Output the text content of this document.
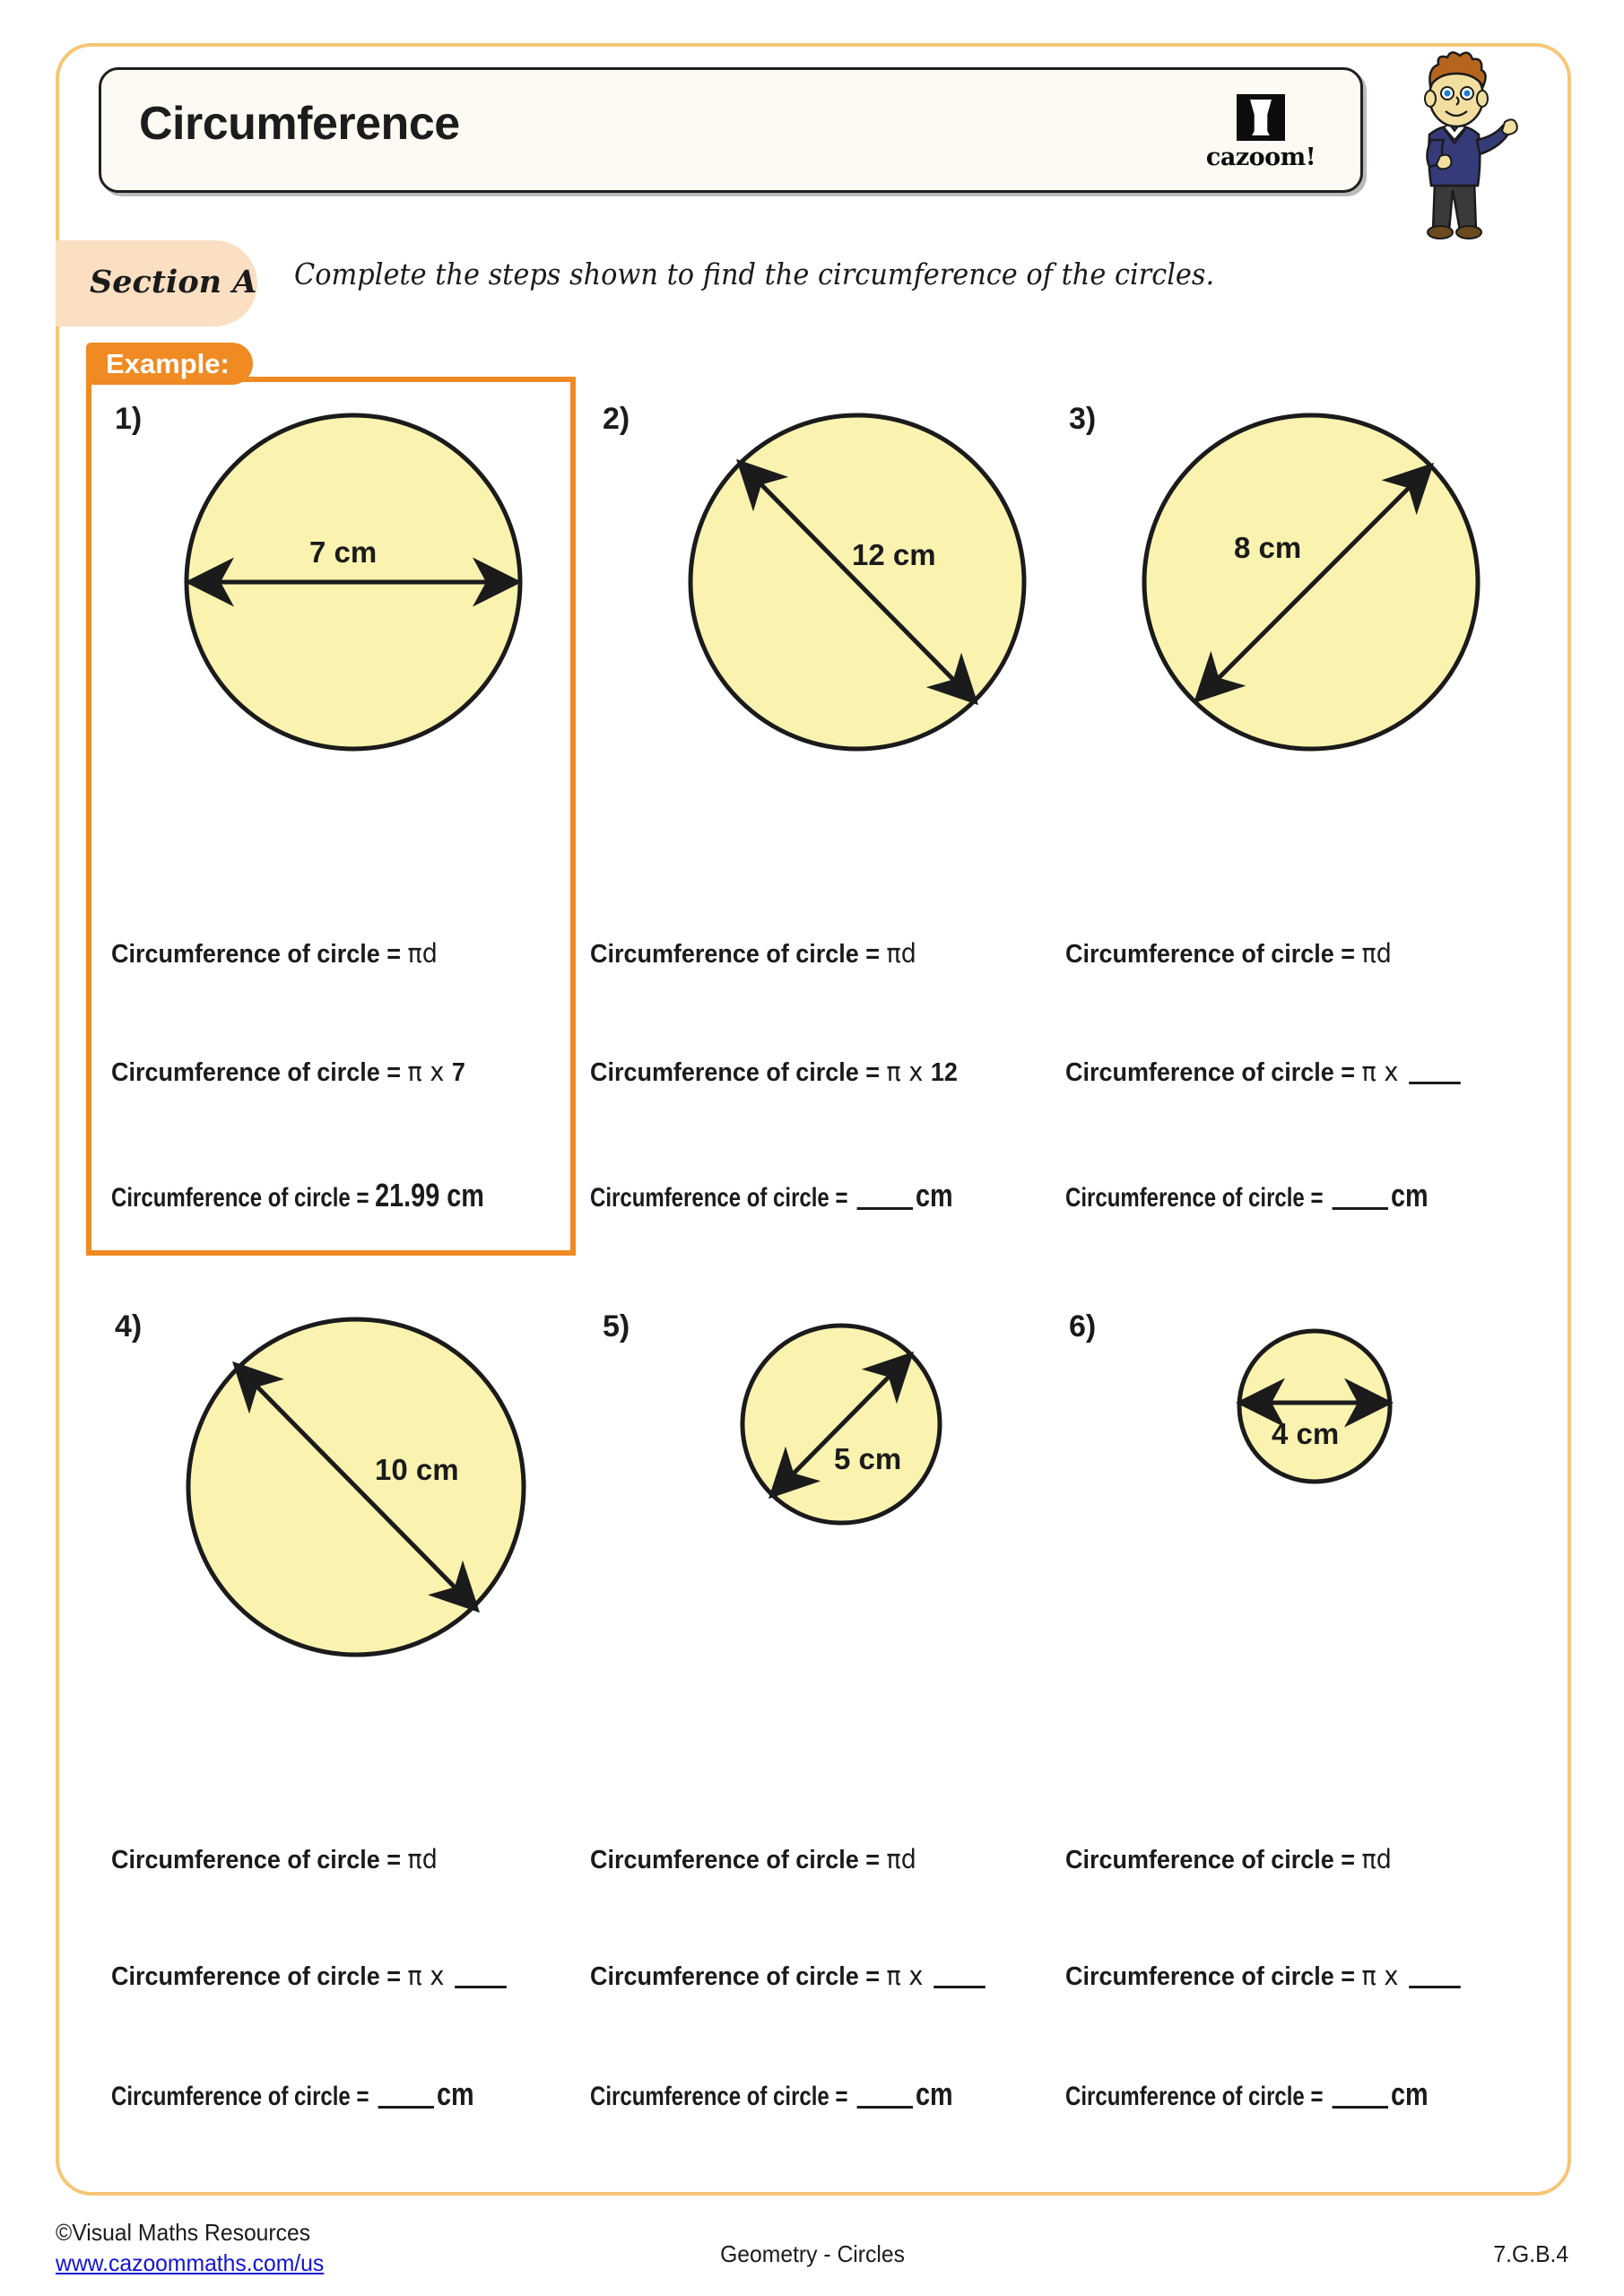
Circumference
cazoom!
Section A Complete the steps shown to find the circumference of the circles.
Example:
1)
7 cm
2)
12 cm
3)
8 cm
Circumference of circle = πd
Circumference of circle = π x 7
Circumference of circle = 21.99 cm
Circumference of circle = πd
Circumference of circle = π x 12
Circumference of circle = cm
Circumference of circle = πd
Circumference of circle = π x
Circumference of circle = cm
4)
10 cm
5)
5 cm
6)
4 cm
Circumference of circle = πd
Circumference of circle = π x
Circumference of circle = cm
Circumference of circle = πd
Circumference of circle = π x
Circumference of circle = cm
Circumference of circle = πd
Circumference of circle = π x
Circumference of circle = cm
©Visual Maths Resources
www.cazoommaths.com/us	Geometry - Circles	7.G.B.4
